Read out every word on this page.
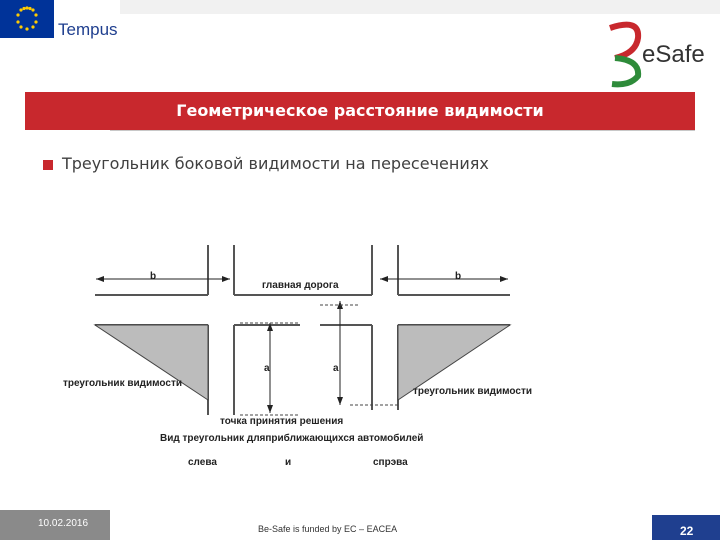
Tempus
eSafe
Геометрическое расстояние видимости
Треугольник боковой видимости на пересечениях
b	b
главная дорога
треугольник видимости
треугольник видимости
a	a
точка принятия решения
Вид треугольник дляприближающихся автомобилей
слева	и	спрэва
10.02.2016	Be-Safe is funded by EC – EACEA	22
